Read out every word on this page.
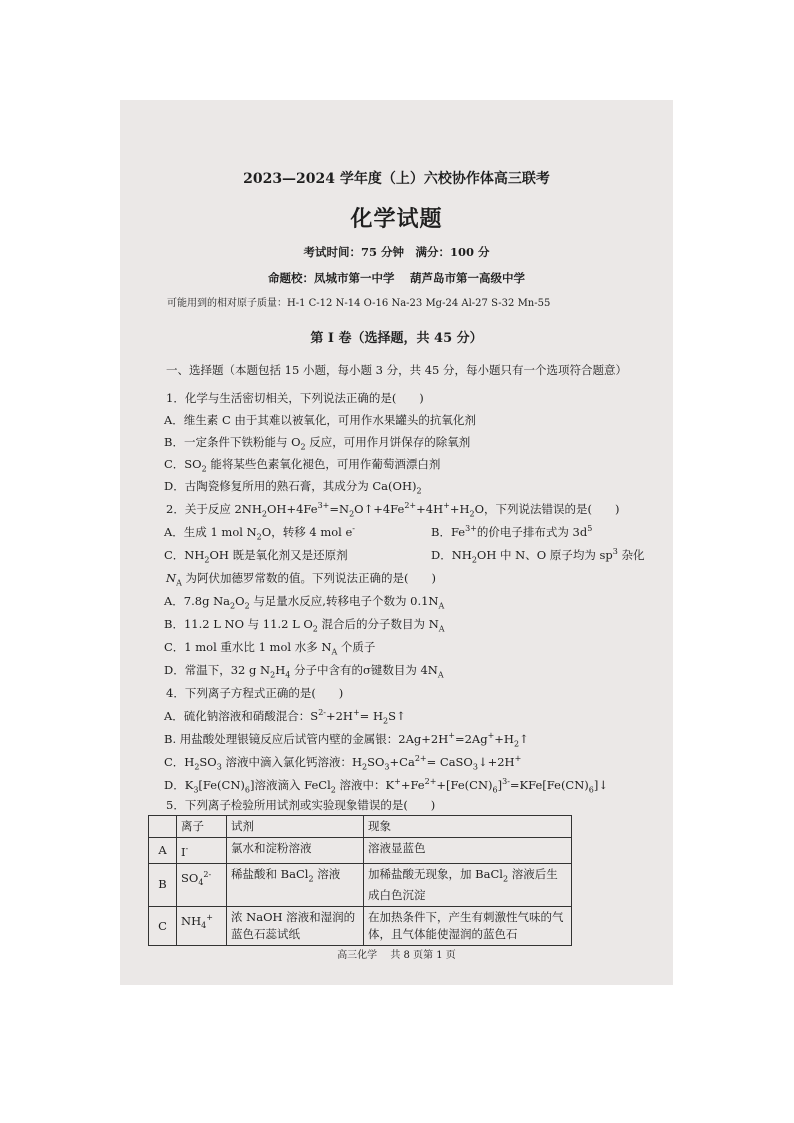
2023—2024 学年度（上）六校协作体高三联考
化学试题
考试时间：75 分钟　满分：100 分
命题校：凤城市第一中学　 葫芦岛市第一高级中学
可能用到的相对原子质量：H-1 C-12 N-14 O-16 Na-23 Mg-24 Al-27 S-32 Mn-55
第 I 卷（选择题，共 45 分）
一、选择题（本题包括 15 小题，每小题 3 分，共 45 分，每小题只有一个选项符合题意）
1．化学与生活密切相关，下列说法正确的是(　　)
A．维生素 C 由于其难以被氧化，可用作水果罐头的抗氧化剂
B．一定条件下铁粉能与 $O_2$ 反应，可用作月饼保存的除氧剂
C．$SO_2$ 能将某些色素氧化褪色，可用作葡萄酒漂白剂
D．古陶瓷修复所用的熟石膏，其成分为 $Ca(OH)_2$
2．关于反应 $2NH_2OH+4Fe^{3+}=N_2O↑+4Fe^{2+}+4H^++H_2O$，下列说法错误的是(　　)
A．生成 1 mol $N_2O$，转移 4 mol e-	B．$Fe^{3+}$的价电子排布式为 $3d^5$
C．$NH_2OH$ 既是氧化剂又是还原剂	D．$NH_2OH$ 中 N、O 原子均为 $sp^3$ 杂化
$N_A$ 为阿伏加德罗常数的值。下列说法正确的是(　　)
A．7.8g $Na_2O_2$ 与足量水反应,转移电子个数为 $0.1N_A$
B．11.2 L NO 与 11.2 L $O_2$ 混合后的分子数目为 $N_A$
C．1 mol 重水比 1 mol 水多 $N_A$ 个质子
D．常温下，32 g $N_2H_4$ 分子中含有的σ键数目为 $4N_A$
4．下列离子方程式正确的是(　　)
A．硫化钠溶液和硝酸混合：$S^{2-}+2H^+=$ $H_2S↑$
B. 用盐酸处理银镜反应后试管内壁的金属银：$2Ag+2H^+=2Ag^++H_2↑$
C．$H_2SO_3$ 溶液中滴入氯化钙溶液：$H_2SO_3+Ca^{2+}=$ CaSO$_3$↓+2H+
D．$K_3[Fe(CN)_6]$溶液滴入 FeCl$_2$ 溶液中：$K^++Fe^{2+}+[Fe(CN)_6]^{3-}=KFe[Fe(CN)_6]↓$
5．下列离子检验所用试剂或实验现象错误的是(　　)
	离子	试剂	现象
A	I-	氯水和淀粉溶液	溶液显蓝色
B	$SO_4^{2-}$	稀盐酸和 BaCl$_2$ 溶液	加稀盐酸无现象，加 BaCl$_2$ 溶液后生成白色沉淀
C	$NH_4^+$	浓 NaOH 溶液和湿润的蓝色石蕊试纸	在加热条件下，产生有刺激性气味的气体，且气体能使湿润的蓝色石
高三化学　 共 8 页第 1 页
